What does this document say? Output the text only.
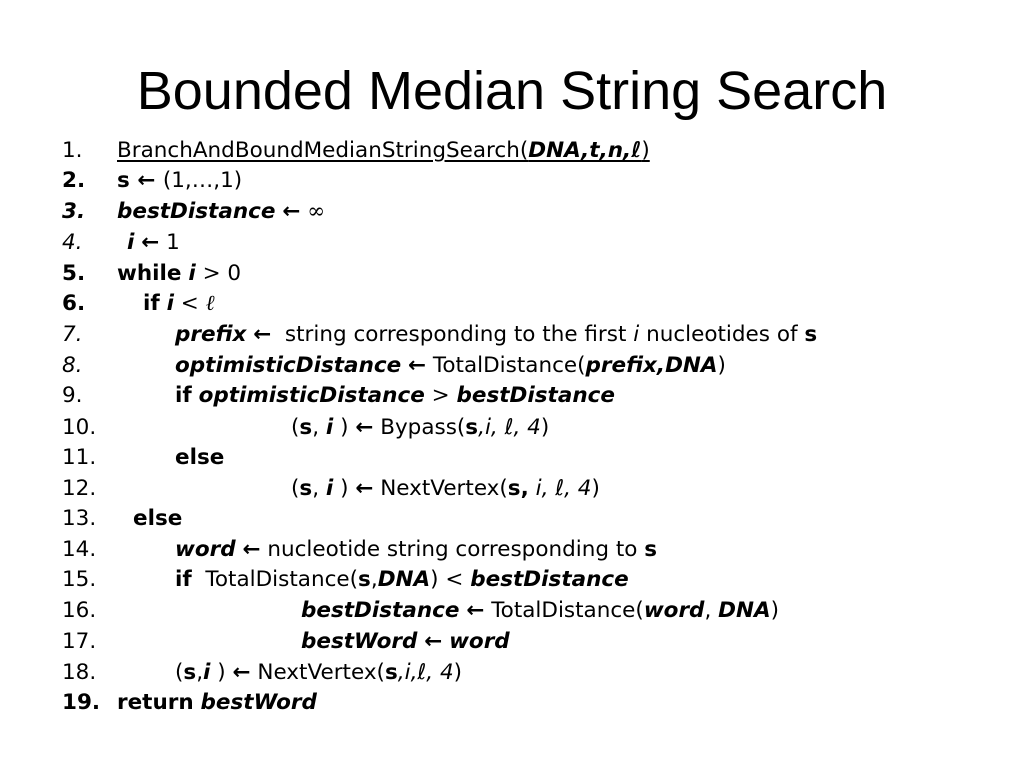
Bounded Median String Search
1. BranchAndBoundMedianStringSearch(DNA,t,n,ℓ)
2. s ← (1,…,1)
3. bestDistance ← ∞
4. i ← 1
5. while i > 0
6.	if i < ℓ
7.	prefix ← string corresponding to the first i nucleotides of s
8.	optimisticDistance ← TotalDistance(prefix,DNA)
9.	if optimisticDistance > bestDistance
10.	(s, i ) ← Bypass(s,i, ℓ, 4)
11.	else
12.	(s, i ) ← NextVertex(s, i, ℓ, 4)
13. else
14.	word ← nucleotide string corresponding to s
15.	if TotalDistance(s,DNA) < bestDistance
16.	bestDistance ← TotalDistance(word, DNA)
17.	bestWord ← word
18.	(s,i ) ← NextVertex(s,i,ℓ, 4)
19. return bestWord
